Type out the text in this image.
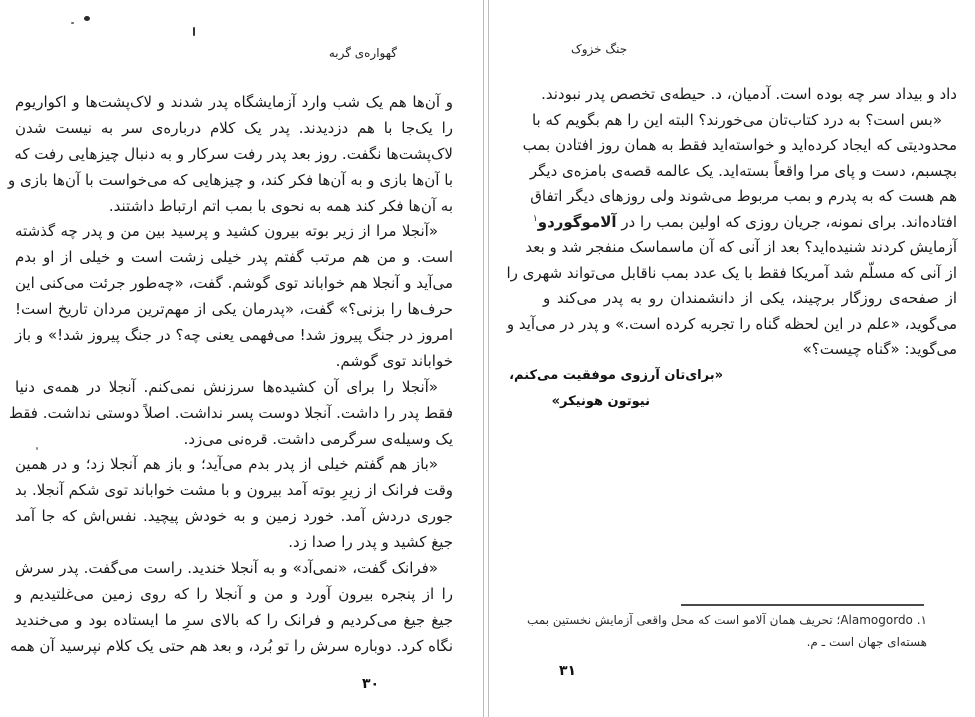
گهواره‌ی گربه
و آن‌ها هم یک شب وارد آزمایشگاه پدر شدند و لاک‌پشت‌ها و اکواریوم
را یک‌جا با هم دزدیدند. پدر یک کلام درباره‌ی سر به نیست شدن
لاک‌پشت‌ها نگفت. روز بعد پدر رفت سرکار و به دنبال چیزهایی رفت که
با آن‌ها بازی و به آن‌ها فکر کند، و چیزهایی که می‌خواست با آن‌ها بازی و
به آن‌ها فکر کند همه به نحوی با بمب اتم ارتباط داشتند.
«آنجلا مرا از زیر بوته بیرون کشید و پرسید بین من و پدر چه گذشته
است. و من هم مرتب گفتم پدر خیلی زشت است و خیلی از او بدم
می‌آید و آنجلا هم خواباند توی گوشم. گفت، «چه‌طور جرئت می‌کنی این
حرف‌ها را بزنی؟» گفت، «پدرمان یکی از مهم‌ترین مردان تاریخ است!
امروز در جنگ پیروز شد! می‌فهمی یعنی چه؟ در جنگ پیروز شد!» و باز
خواباند توی گوشم.
«آنجلا را برای آن کشیده‌ها سرزنش نمی‌کنم. آنجلا در همه‌ی دنیا
فقط پدر را داشت. آنجلا دوست پسر نداشت. اصلاً دوستی نداشت. فقط
یک وسیله‌ی سرگرمی داشت. قره‌نی می‌زد.
«باز هم گفتم خیلی از پدر بدم می‌آید؛ و باز هم آنجلا زد؛ و در همین
وقت فرانک از زیرِ بوته آمد بیرون و با مشت خواباند توی شکم آنجلا. بد
جوری دردش آمد. خورد زمین و به خودش پیچید. نفس‌اش که جا آمد
جیغ کشید و پدر را صدا زد.
«فرانک گفت، «نمی‌آد» و به آنجلا خندید. راست می‌گفت. پدر سرش
را از پنجره بیرون آورد و من و آنجلا را که روی زمین می‌غلتیدیم و
جیغ جیغ می‌کردیم و فرانک را که بالای سرِ ما ایستاده بود و می‌خندید
نگاه کرد. دوباره سرش را تو بُرد، و بعد هم حتی یک کلام نپرسید آن همه
۳۰
جنگ خزوک
داد و بیداد سر چه بوده است. آدمیان، د. حیطه‌ی تخصص پدر نبودند.
«بس است؟ به درد کتاب‌تان می‌خورند؟ البته این را هم بگویم که با
محدودیتی که ایجاد کرده‌اید و خواسته‌اید فقط به همان روز افتادن بمب
بچسبم، دست و پای مرا واقعاً بسته‌اید. یک عالمه قصه‌ی بامزه‌ی دیگر
هم هست که به پدرم و بمب مربوط می‌شوند ولی روزهای دیگر اتفاق
افتاده‌اند. برای نمونه، جریان روزی که اولین بمب را در آلاموگوردو$^۱$
آزمایش کردند شنیده‌اید؟ بعد از آنی که آن ماسماسک منفجر شد و بعد
از آنی که مسلّم شد آمریکا فقط با یک عدد بمب ناقابل می‌تواند شهری را
از صفحه‌ی روزگار برچیند، یکی از دانشمندان رو به پدر می‌کند و
می‌گوید، «علم در این لحظه گناه را تجربه کرده است.» و پدر در می‌آید و
می‌گوید: «گناه چیست؟»
«برای‌تان آرزوی موفقیت می‌کنم،
نیوتون هونیکر»
۱. Alamogordo؛ تحریف همان آلامو است که محل واقعی آزمایش نخستین بمب
هسته‌ای جهان است ـ م.
۳۱
